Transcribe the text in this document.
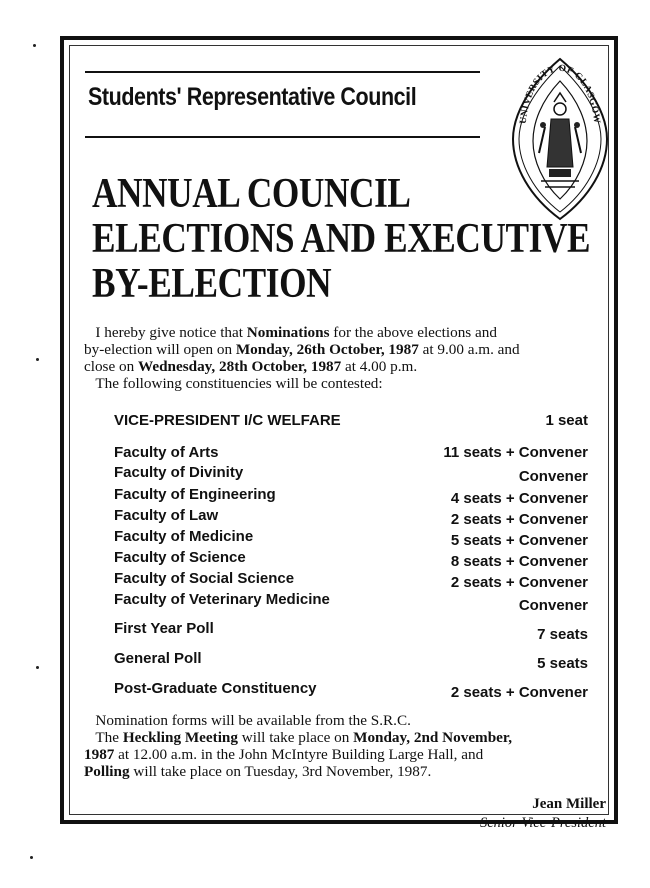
Students' Representative Council
UNIVERSITY OF GLASGOW
ANNUAL COUNCIL
ELECTIONS AND EXECUTIVE
BY-ELECTION

I hereby give notice that Nominations for the above elections and

by-election will open on Monday, 26th October, 1987 at 9.00 a.m. and

close on Wednesday, 28th October, 1987 at 4.00 p.m.

The following constituencies will be contested:

VICE-PRESIDENT I/C WELFARE	1 seat
Faculty of Arts	11 seats + Convener
Faculty of Divinity	Convener
Faculty of Engineering	4 seats + Convener
Faculty of Law	2 seats + Convener
Faculty of Medicine	5 seats + Convener
Faculty of Science	8 seats + Convener
Faculty of Social Science	2 seats + Convener
Faculty of Veterinary Medicine	Convener
First Year Poll	7 seats
General Poll	5 seats
Post-Graduate Constituency	2 seats + Convener

Nomination forms will be available from the S.R.C.

The Heckling Meeting will take place on Monday, 2nd November,

1987 at 12.00 a.m. in the John McIntyre Building Large Hall, and

Polling will take place on Tuesday, 3rd November, 1987.

Jean Miller
Senior Vice-President
